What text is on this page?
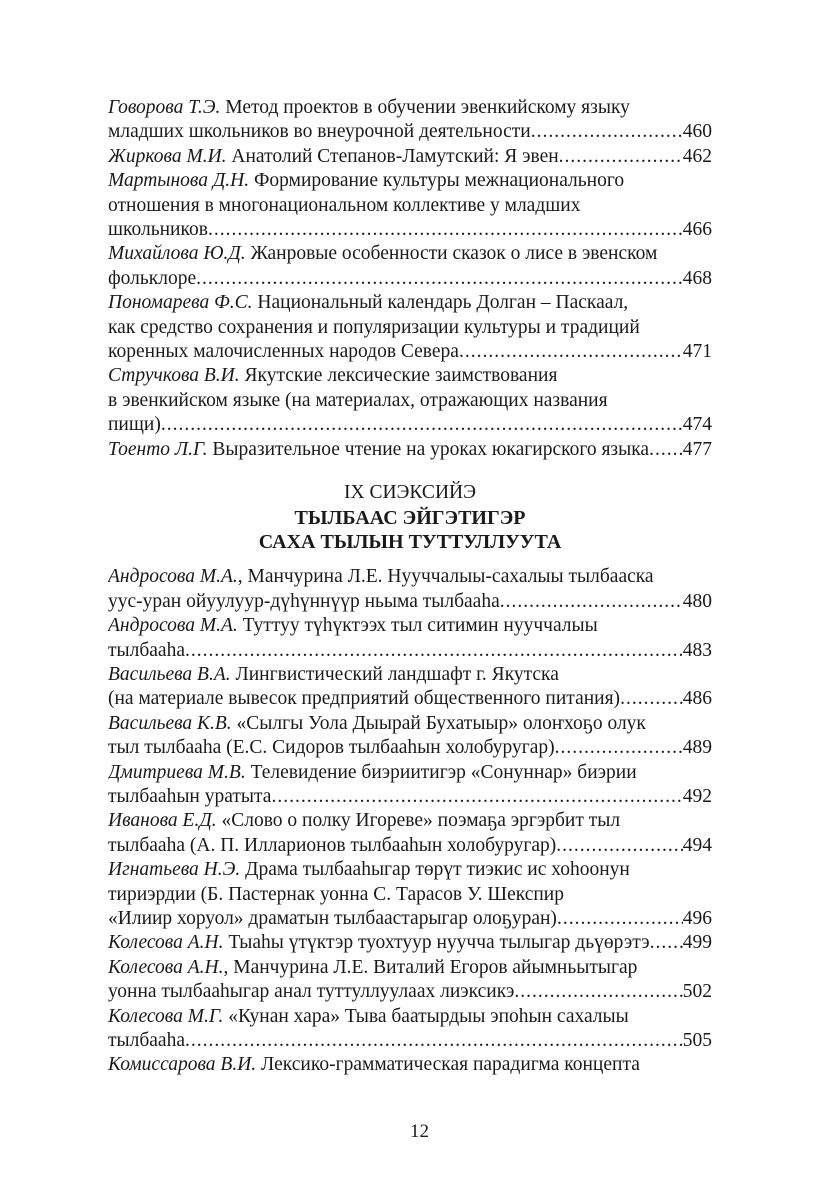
Говорова Т.Э. Метод проектов в обучении эвенкийскому языку
младших школьников во внеурочной деятельности .....	460
Жиркова М.И. Анатолий Степанов-Ламутский: Я эвен .....	462
Мартынова Д.Н. Формирование культуры межнационального
отношения в многонациональном коллективе у младших
школьников .....	466
Михайлова Ю.Д. Жанровые особенности сказок о лисе в эвенском
фольклоре .....	468
Пономарева Ф.С. Национальный календарь Долган – Паскаал,
как средство сохранения и популяризации культуры и традиций
коренных малочисленных народов Севера .....	471
Стручкова В.И. Якутские лексические заимствования
в эвенкийском языке (на материалах, отражающих названия
пищи) .....	474
Тоенто Л.Г. Выразительное чтение на уроках юкагирского языка ..... 477
IX СИЭКСИЙЭ
ТЫЛБААС ЭЙГЭТИГЭР
САХА ТЫЛЫН ТУТТУЛЛУУТА
Андросова М.А., Манчурина Л.Е. Нууччалыы-сахалыы тылбааска
уус-уран ойуулуур-дүһүннүүр ньыма тылбааһа .....	480
Андросова М.А. Туттуу түһүктээх тыл ситимин нууччалыы
тылбааһа .....	483
Васильева В.А. Лингвистический ландшафт г. Якутска
(на материале вывесок предприятий общественного питания) .....	486
Васильева К.В. «Сылгы Уола Дыырай Бухатыыр» олоҥхоҕо олук
тыл тылбааһа (Е.С. Сидоров тылбааһын холобуругар) .....	489
Дмитриева М.В. Телевидение биэриитигэр «Сонуннар» биэрии
тылбааһын уратыта .....	492
Иванова Е.Д. «Слово о полку Игореве» поэмаҕа эргэрбит тыл
тылбааһа (А. П. Илларионов тылбааһын холобуругар) .....	494
Игнатьева Н.Э. Драма тылбааһыгар төрүт тиэкис ис хоһоонун
тириэрдии (Б. Пастернак уонна С. Тарасов У. Шекспир
«Илиир хоруол» драматын тылбаастарыгар олоҕуран) .....	496
Колесова А.Н. Тыаһы үтүктэр туохтуур нуучча тылыгар дьүөрэтэ ..... 499
Колесова А.Н., Манчурина Л.Е. Виталий Егоров айымньытыгар
уонна тылбааһыгар анал туттуллуулаах лиэксикэ .....	502
Колесова М.Г. «Кунан хара» Тыва баатырдыы эпоһын сахалыы
тылбааһа .....	505
Комиссарова В.И. Лексико-грамматическая парадигма концепта
12
